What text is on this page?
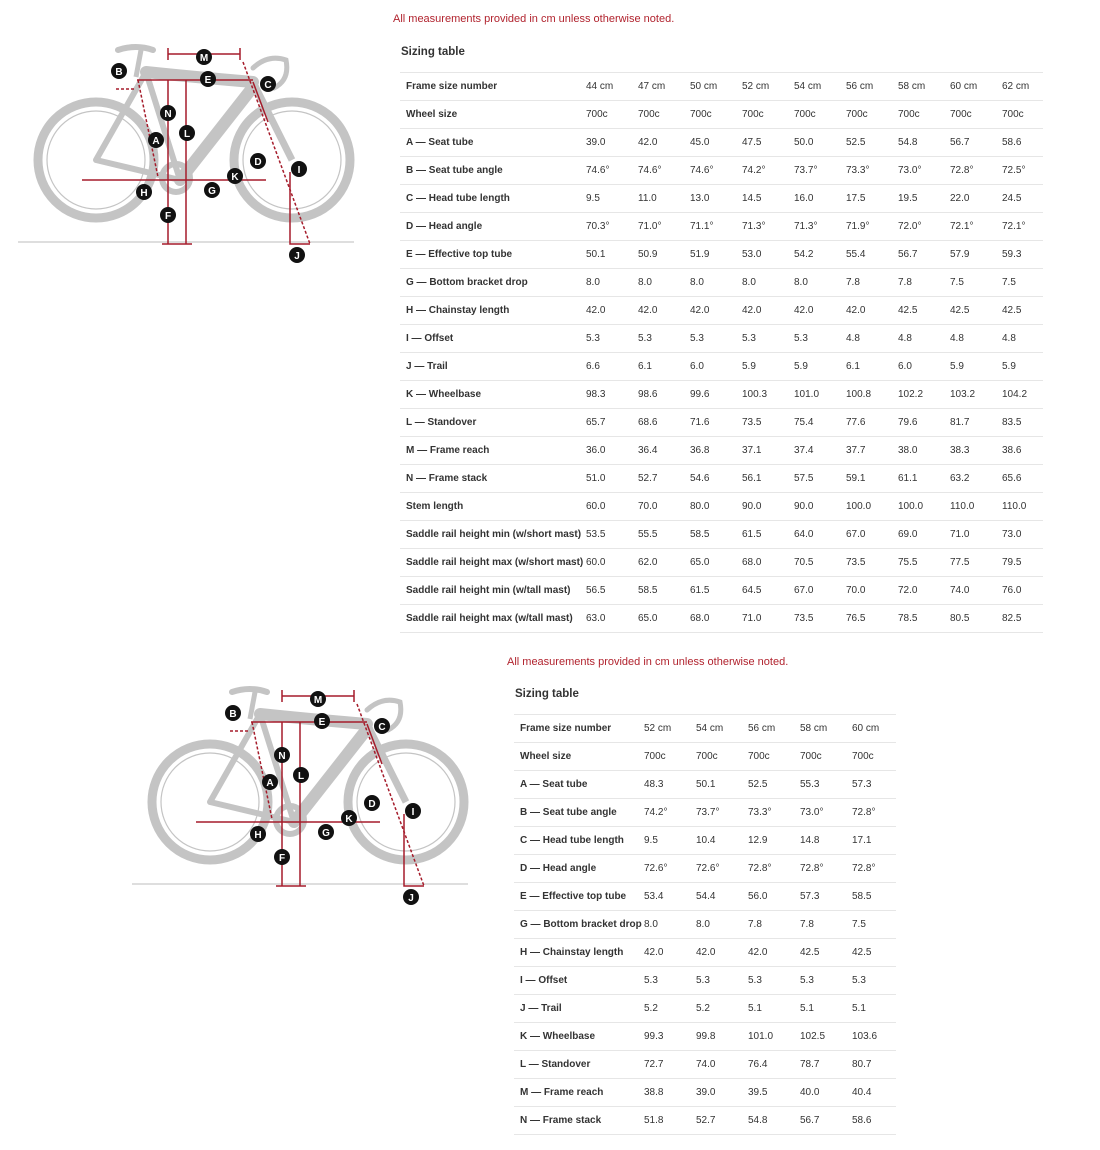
All measurements provided in cm unless otherwise noted.
Sizing table
M
B
E	C
N
L
A
D
I
K
H	G
F
J
Frame size number	44 cm	47 cm	50 cm	52 cm	54 cm	56 cm	58 cm	60 cm	62 cm
Wheel size	700c	700c	700c	700c	700c	700c	700c	700c	700c
A — Seat tube	39.0	42.0	45.0	47.5	50.0	52.5	54.8	56.7	58.6
B — Seat tube angle	74.6°	74.6°	74.6°	74.2°	73.7°	73.3°	73.0°	72.8°	72.5°
C — Head tube length	9.5	11.0	13.0	14.5	16.0	17.5	19.5	22.0	24.5
D — Head angle	70.3°	71.0°	71.1°	71.3°	71.3°	71.9°	72.0°	72.1°	72.1°
E — Effective top tube	50.1	50.9	51.9	53.0	54.2	55.4	56.7	57.9	59.3
G — Bottom bracket drop	8.0	8.0	8.0	8.0	8.0	7.8	7.8	7.5	7.5
H — Chainstay length	42.0	42.0	42.0	42.0	42.0	42.0	42.5	42.5	42.5
I — Offset	5.3	5.3	5.3	5.3	5.3	4.8	4.8	4.8	4.8
J — Trail	6.6	6.1	6.0	5.9	5.9	6.1	6.0	5.9	5.9
K — Wheelbase	98.3	98.6	99.6	100.3	101.0	100.8	102.2	103.2	104.2
L — Standover	65.7	68.6	71.6	73.5	75.4	77.6	79.6	81.7	83.5
M — Frame reach	36.0	36.4	36.8	37.1	37.4	37.7	38.0	38.3	38.6
N — Frame stack	51.0	52.7	54.6	56.1	57.5	59.1	61.1	63.2	65.6
Stem length	60.0	70.0	80.0	90.0	90.0	100.0	100.0	110.0	110.0
Saddle rail height min (w/short mast)	53.5	55.5	58.5	61.5	64.0	67.0	69.0	71.0	73.0
Saddle rail height max (w/short mast)	60.0	62.0	65.0	68.0	70.5	73.5	75.5	77.5	79.5
Saddle rail height min (w/tall mast)	56.5	58.5	61.5	64.5	67.0	70.0	72.0	74.0	76.0
Saddle rail height max (w/tall mast)	63.0	65.0	68.0	71.0	73.5	76.5	78.5	80.5	82.5
All measurements provided in cm unless otherwise noted.
Sizing table
M
B
E	C
N
L
A
D
I
K
H	G
F
J
Frame size number	52 cm	54 cm	56 cm	58 cm	60 cm
Wheel size	700c	700c	700c	700c	700c
A — Seat tube	48.3	50.1	52.5	55.3	57.3
B — Seat tube angle	74.2°	73.7°	73.3°	73.0°	72.8°
C — Head tube length	9.5	10.4	12.9	14.8	17.1
D — Head angle	72.6°	72.6°	72.8°	72.8°	72.8°
E — Effective top tube	53.4	54.4	56.0	57.3	58.5
G — Bottom bracket drop	8.0	8.0	7.8	7.8	7.5
H — Chainstay length	42.0	42.0	42.0	42.5	42.5
I — Offset	5.3	5.3	5.3	5.3	5.3
J — Trail	5.2	5.2	5.1	5.1	5.1
K — Wheelbase	99.3	99.8	101.0	102.5	103.6
L — Standover	72.7	74.0	76.4	78.7	80.7
M — Frame reach	38.8	39.0	39.5	40.0	40.4
N — Frame stack	51.8	52.7	54.8	56.7	58.6
